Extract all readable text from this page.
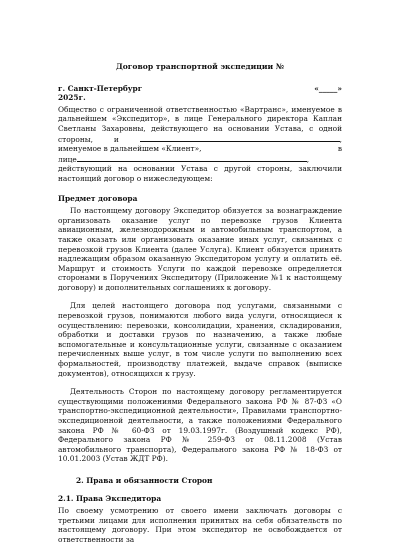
Договор транспортной экспедиции №
г. Санкт-Петербург	«_____»
2025г.

Общество с ограниченной ответственностью «Вартранс», именуемое в дальнейшем «Экспедитор», в лице Генерального директора Каплан Светланы Захаровны, действующего на основании Устава, с одной стороны, и	, именуемое в дальнейшем «Клиент»,	в

лице	,

действующий на основании Устава с другой стороны, заключили настоящий договор о нижеследующем:

Предмет договора

По настоящему договору Экспедитор обязуется за вознаграждение организовать оказание услуг по перевозке грузов Клиента авиационным, железнодорожным и автомобильным транспортом, а также оказать или организовать оказание иных услуг, связанных с перевозкой грузов Клиента (далее Услуга). Клиент обязуется принять надлежащим образом оказанную Экспедитором услугу и оплатить её. Маршрут и стоимость Услуги по каждой перевозке определяется сторонами в Поручениях Экспедитору (Приложение №1 к настоящему договору) и дополнительных соглашениях к договору.

Для целей настоящего договора под услугами, связанными с перевозкой грузов, понимаются любого вида услуги, относящиеся к осуществлению: перевозки, консолидации, хранения, складирования, обработки и доставки грузов по назначению, а также любые вспомогательные и консультационные услуги, связанные с оказанием перечисленных выше услуг, в том числе услуги по выполнению всех формальностей, производству платежей, выдаче справок (выписке документов), относящихся к грузу.

Деятельность Сторон по настоящему договору регламентируется существующими положениями Федерального закона РФ № 87-ФЗ «О транспортно-экспедиционной деятельности», Правилами транспортно-экспедиционной деятельности, а также положениями Федерального закона РФ № 60-ФЗ от 19.03.1997г. (Воздушный кодекс РФ), Федерального закона РФ № 259-ФЗ от 08.11.2008 (Устав автомобильного транспорта), Федерального закона РФ № 18-ФЗ от 10.01.2003 (Устав ЖДТ РФ).

2. Права и обязанности Сторон
2.1. Права Экспедитора

По своему усмотрению от своего имени заключать договоры с третьими лицами для исполнения принятых на себя обязательств по настоящему договору. При этом экспедитор не освобождается от ответственности за
